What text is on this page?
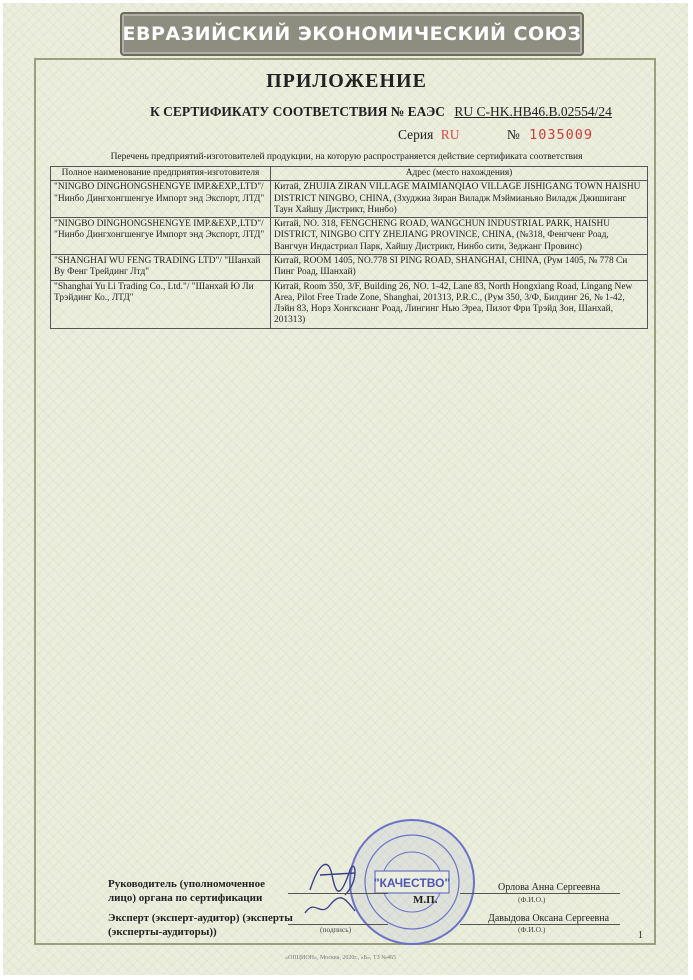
ЕВРАЗИЙСКИЙ ЭКОНОМИЧЕСКИЙ СОЮЗ
ПРИЛОЖЕНИЕ
К СЕРТИФИКАТУ СООТВЕТСТВИЯ № ЕАЭС RU C-HK.HB46.B.02554/24
Серия RU	№ 1035009
Перечень предприятий-изготовителей продукции, на которую распространяется действие сертификата соответствия
Полное наименование предприятия-изготовителя	Адрес (место нахождения)
"NINGBO DINGHONGSHENGYE IMP.&EXP.,LTD"/ "Нинбо Дингхонгшенгуе Импорт энд Экспорт, ЛТД"	Китай, ZHUJIA ZIRAN VILLAGE MAIMIANQIAO VILLAGE JISHIGANG TOWN HAISHU DISTRICT NINGBO, CHINA, (Зхуджиа Зиран Виладж Мэймианьяо Виладж Джишиганг Таун Хайшу Дистрикт, Нинбо)
"NINGBO DINGHONGSHENGYE IMP.&EXP.,LTD"/ "Нинбо Дингхонгшенгуе Импорт энд Экспорт, ЛТД"	Китай, NO. 318, FENGCHENG ROAD, WANGCHUN INDUSTRIAL PARK, HAISHU DISTRICT, NINGBO CITY ZHEJIANG PROVINCE, CHINA, (№318, Фенгченг Роад, Вангчун Индастриал Парк, Хайшу Дистрикт, Нинбо сити, Зеджанг Провинс)
"SHANGHAI WU FENG TRADING LTD"/ "Шанхай Ву Фенг Трейдинг Лтд"	Китай, ROOM 1405, NO.778 SI PING ROAD, SHANGHAI, CHINA, (Рум 1405, № 778 Си Пинг Роад, Шанхай)
"Shanghai Yu Li Trading Co., Ltd."/ "Шанхай Ю Ли Трэйдинг Ко., ЛТД"	Китай, Room 350, 3/F, Building 26, NO. 1-42, Lane 83, North Hongxiang Road, Lingang New Area, Pilot Free Trade Zone, Shanghai, 201313, P.R.C., (Рум 350, 3/Ф, Билдинг 26, № 1-42, Лэйн 83, Норз Хонгксианг Роад, Лингинг Нью Эреа, Пилот Фри Трэйд Зон, Шанхай, 201313)
"КАЧЕСТВО"
Руководитель (уполномоченное лицо) органа по сертификации	М.П.
Орлова Анна Сергеевна
(Ф.И.О.)
Эксперт (эксперт-аудитор) (эксперты (эксперты-аудиторы))	(подпись)
Давыдова Оксана Сергеевна
(Ф.И.О.)
1
«ОПЦИОН», Москва, 2020г., «Б», ТЗ №465
